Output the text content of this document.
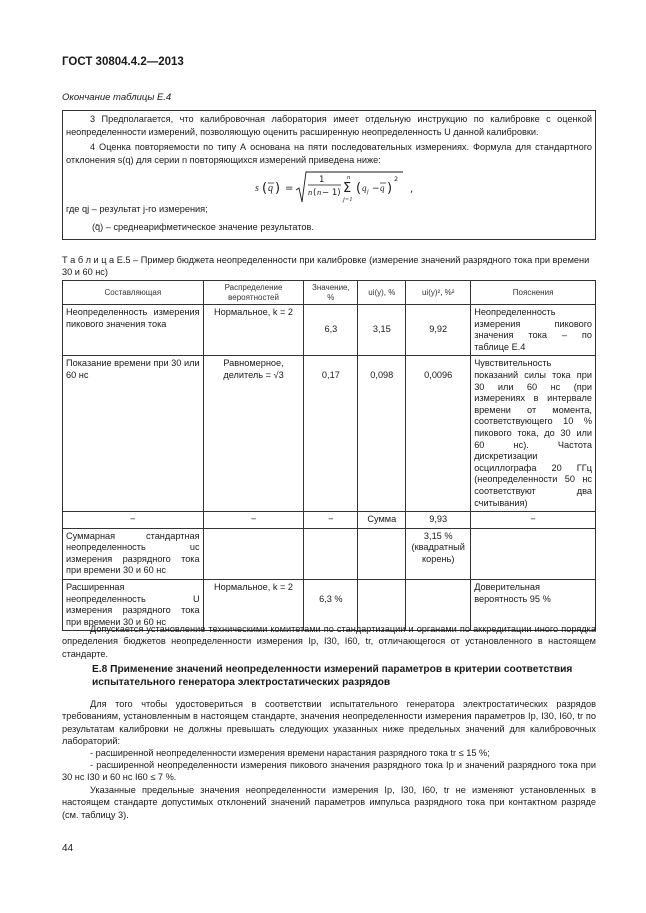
ГОСТ 30804.4.2—2013
Окончание таблицы Е.4
3 Предполагается, что калибровочная лаборатория имеет отдельную инструкцию по калибровке с оценкой неопределенности измерений, позволяющую оценить расширенную неопределенность U данной калибровки.
4 Оценка повторяемости по типу А основана на пяти последовательных измерениях. Формула для стандартного отклонения s(q) для серии n повторяющихся измерений приведена ниже:
s ( q ) =
1
n ( n − 1)
n
Σ
j=1
( q j − q )
2
,
где qj – результат j-го измерения;
(q̄) – среднеарифметическое значение результатов.
Т а б л и ц а Е.5 – Пример бюджета неопределенности при калибровке (измерение значений разрядного тока при времени 30 и 60 нс)
Составляющая	Распределение вероятностей	Значение, %	ui(y), %	ui(y)², %²	Пояснения
Неопределенность измерения пикового значения тока	Нормальное, k = 2	6,3	3,15	9,92	Неопределенность измерения пикового значения тока – по таблице Е.4
Показание времени при 30 или 60 нс	Равномерное, делитель = √3	0,17	0,098	0,0096	Чувствительность показаний силы тока при 30 или 60 нс (при измерениях в интервале времени от момента, соответствующего 10 % пикового тока, до 30 или 60 нс). Частота дискретизации осциллографа 20 ГГц (неопределенности 50 нс соответствуют два считывания)
−	−	−	Сумма	9,93	−
Суммарная стандартная неопределенность uc измерения разрядного тока при времени 30 и 60 нс				3,15 % (квадратный корень)	
Расширенная неопределенность U измерения разрядного тока при времени 30 и 60 нс	Нормальное, k = 2	6,3 %			Доверительная вероятность 95 %
Допускается установление техническими комитетами по стандартизации и органами по аккредитации иного порядка определения бюджетов неопределенности измерения Ip, I30, I60, tr, отличающегося от установленного в настоящем стандарте.
Е.8 Применение значений неопределенности измерений параметров в критерии соответствия испытательного генератора электростатических разрядов
Для того чтобы удостовериться в соответствии испытательного генератора электростатических разрядов требованиям, установленным в настоящем стандарте, значения неопределенности измерения параметров Ip, I30, I60, tr по результатам калибровки не должны превышать следующих указанных ниже предельных значений для калибровочных лабораторий:
- расширенной неопределенности измерения времени нарастания разрядного тока tr ≤ 15 %;
- расширенной неопределенности измерения пикового значения разрядного тока Ip и значений разрядного тока при 30 нс I30 и 60 нс I60 ≤ 7 %.
Указанные предельные значения неопределенности измерения Ip, I30, I60, tr не изменяют установленных в настоящем стандарте допустимых отклонений значений параметров импульса разрядного тока при контактном разряде (см. таблицу 3).
44
